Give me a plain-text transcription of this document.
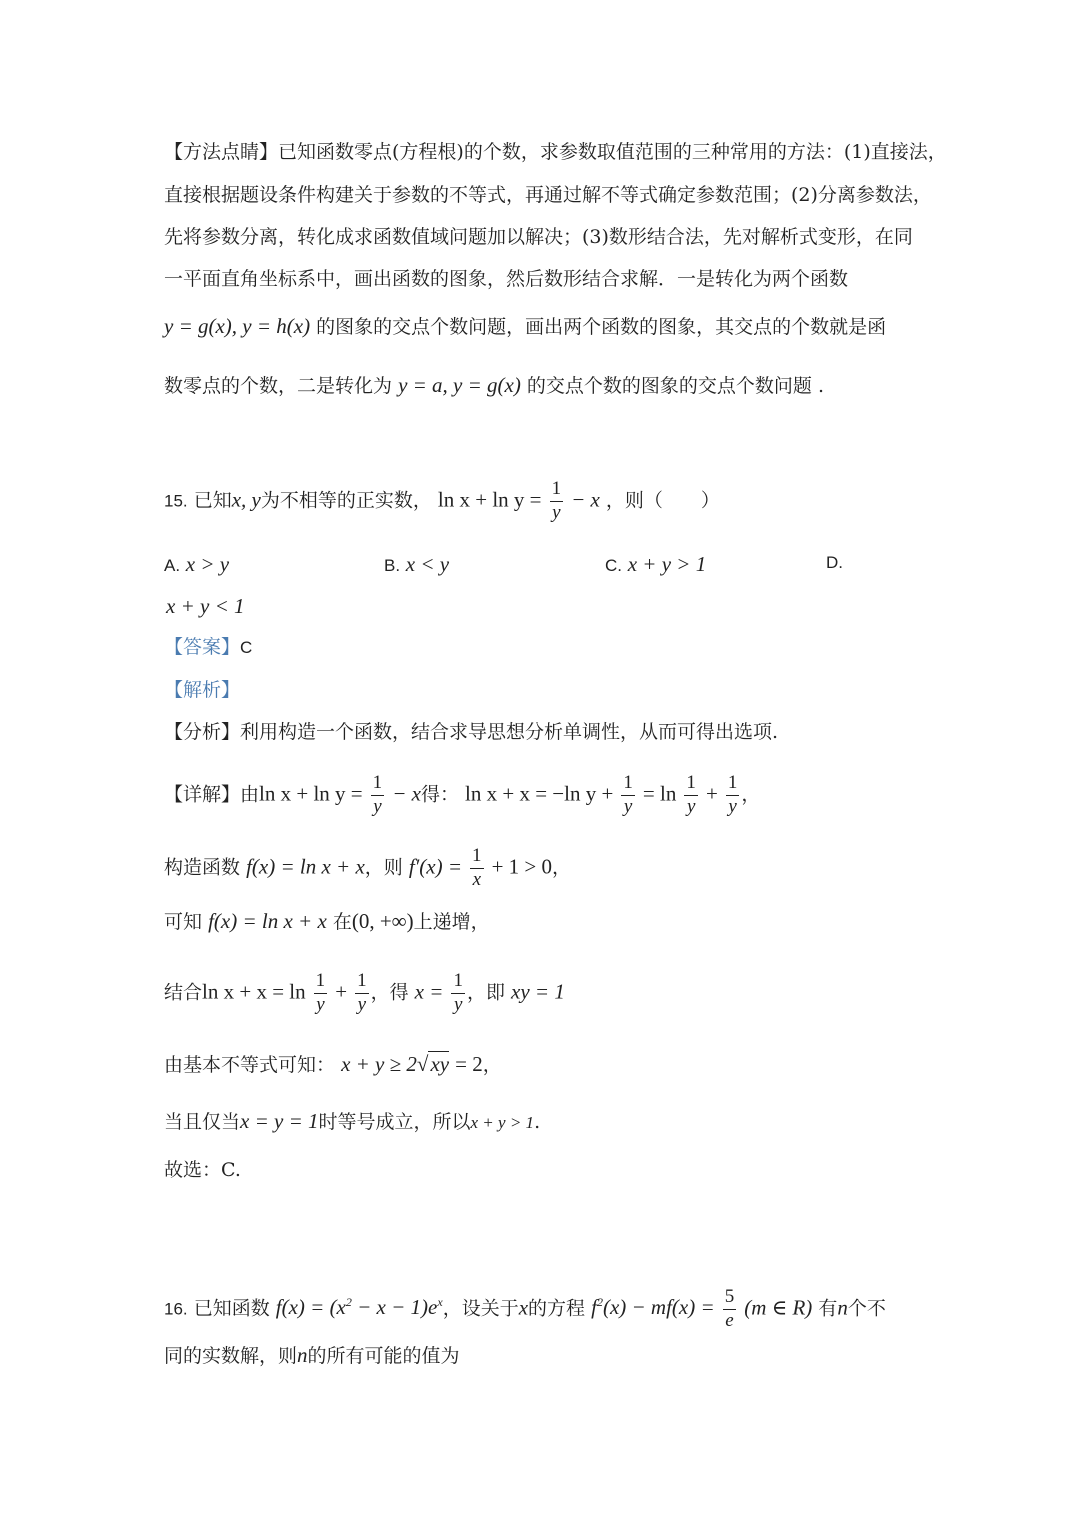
【方法点睛】已知函数零点(方程根)的个数，求参数取值范围的三种常用的方法：(1)直接法，
直接根据题设条件构建关于参数的不等式，再通过解不等式确定参数范围；(2)分离参数法，
先将参数分离，转化成求函数值域问题加以解决；(3)数形结合法，先对解析式变形，在同
一平面直角坐标系中，画出函数的图象，然后数形结合求解．一是转化为两个函数
y = g(x), y = h(x) 的图象的交点个数问题，画出两个函数的图象，其交点的个数就是函
数零点的个数，二是转化为 y = a, y = g(x) 的交点个数的图象的交点个数问题 .
15. 已知x, y为不相等的正实数， $\ln x + \ln y = \frac{1}{y} - x$ ，则（　　）
A. x > y	B. x < y	C. x + y > 1	D.
x + y < 1
【答案】C
【解析】
【分析】利用构造一个函数，结合求导思想分析单调性，从而可得出选项.
【详解】由$\ln x + \ln y = \frac{1}{y} - x$得： ln x + x = −ln $y + \frac{1}{y} = \ln \frac{1}{y} + \frac{1}{y}$ ，
构造函数 f(x) = ln x + x，则 $f'(x) = \frac{1}{x} + 1 > 0$，
可知 f(x) = ln x + x 在(0, +∞)上递增，
结合$\ln x + x = \ln \frac{1}{y} + \frac{1}{y}$ ，得 $x = \frac{1}{y}$ ，即 xy = 1
由基本不等式可知： x + y ≥ 2√xy = 2，
当且仅当x = y = 1时等号成立，所以x + y > 1.
故选：C.
16. 已知函数 $f(x) = (x^2 - x - 1)e^x$，设关于x的方程 $f^2(x) - mf(x) = \frac{5}{e} (m$ ∈ R) 有n个不
同的实数解，则n的所有可能的值为
